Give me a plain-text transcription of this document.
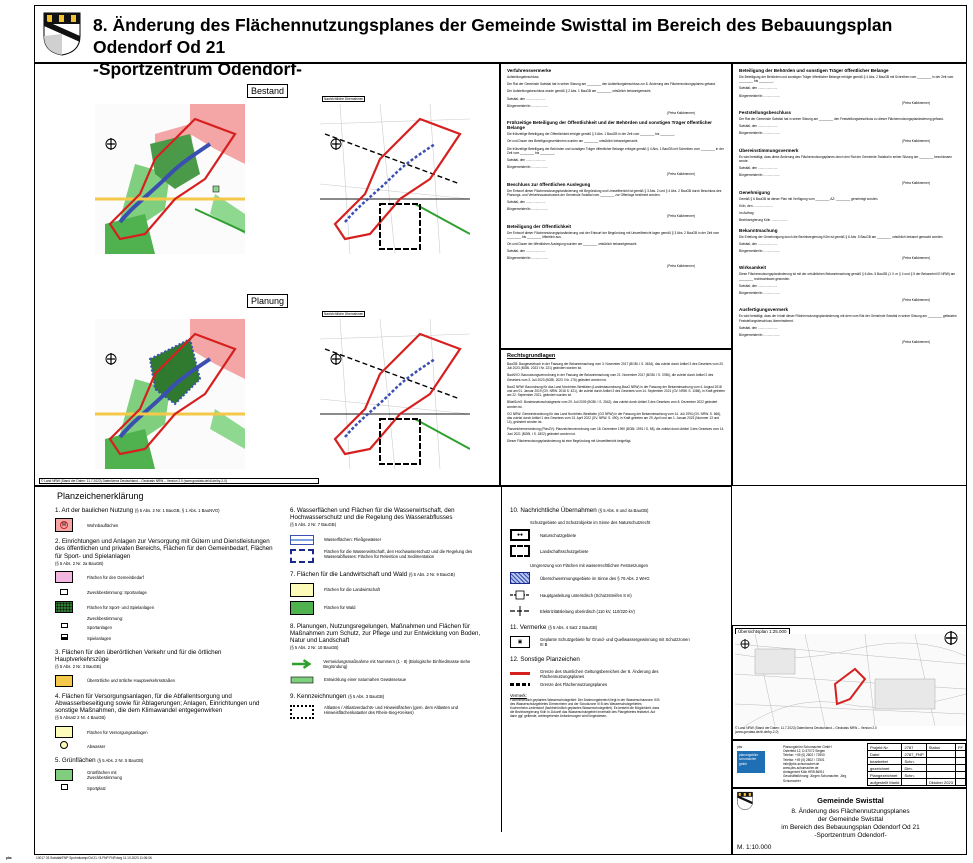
8. Änderung des Flächennutzungsplanes der Gemeinde Swisttal im Bereich des Bebauungsplan Odendorf Od 21
-Sportzentrum Odendorf-
Bestand
Planung
Nachrichtliche Übernahmen
Nachrichtliche Übernahmen
© Land NRW (Stand der Daten: 11.7.2023) Datenlizenz Deutschland – Geobasis NRW – Version 2.0 (www.govdata.de/dl-de/by-2-0)
Verfahrensvermerke
Aufstellungsbeschluss
Der Rat der Gemeinde Swisttal hat in seiner Sitzung am ________ den Aufstellungsbeschluss zur 8. Änderung des Flächennutzungsplanes gefasst.
Der Aufstellungsbeschluss wurde gemäß § 2 Abs. 1 BauGB am ________ ortsüblich bekanntgemacht.
Swisttal, den ......................
Bürgermeister/in ...................
(Petra Kalkbrenner)
Frühzeitige Beteiligung der Öffentlichkeit und der Behörden und sonstigen Träger öffentlicher Belange
Die frühzeitige Beteiligung der Öffentlichkeit erfolgte gemäß § 3 Abs. 1 BauGB in der Zeit vom ________ bis ________.
Ort und Dauer des Beteiligungsverfahrens wurden am ________ ortsüblich bekanntgemacht.
Die frühzeitige Beteiligung der Behörden und sonstigen Träger öffentlicher Belange erfolgte gemäß § 4 Abs. 1 BauGB mit Schreiben vom ________ in der Zeit vom ________ bis ________.
Swisttal, den ......................
Bürgermeister/in ...................
(Petra Kalkbrenner)
Beschluss zur öffentlichen Auslegung
Der Entwurf dieser Flächennutzungsplanänderung mit Begründung und Umweltbericht ist gemäß § 3 Abs. 2 und § 4 Abs. 2 BauGB durch Beschluss des Planungs- und Verkehrsausschusses der Gemeinde Swisttal vom ________ zur Offenlage bestimmt worden.
Swisttal, den ......................
Bürgermeister/in ...................
(Petra Kalkbrenner)
Beteiligung der Öffentlichkeit
Der Entwurf dieser Flächennutzungsplanänderung und der Entwurf der Begründung mit Umweltbericht lagen gemäß § 3 Abs. 2 BauGB in der Zeit vom ________ bis ________ öffentlich aus.
Ort und Dauer der öffentlichen Auslegung wurden am ________ ortsüblich bekanntgemacht.
Swisttal, den ......................
Bürgermeister/in ...................
(Petra Kalkbrenner)
Rechtsgrundlagen
BauGB: Baugesetzbuch in der Fassung der Bekanntmachung vom 3. November 2017 (BGBl. I S. 3634), das zuletzt durch Artikel 3 des Gesetzes vom 20. Juli 2023 (BGBl. 2023 I Nr. 221) geändert worden ist.
BauNVO: Baunutzungsverordnung in der Fassung der Bekanntmachung vom 21. November 2017 (BGBl. I S. 3786), die zuletzt durch Artikel 2 des Gesetzes vom 3. Juli 2023 (BGBl. 2023 I Nr. 176) geändert worden ist.
BauO NRW: Bauordnung für das Land Nordrhein-Westfalen (Landesbauordnung-BauO NRW) in der Fassung der Bekanntmachung vom 4. August 2018 und am 01. Januar 2019 (GV. NRW. 2018 S. 421), die zuletzt durch Artikel 3 des Gesetzes vom 14. September 2021 (GV. NRW. S. 1086), in Kraft getreten am 22. September 2021, geändert worden ist.
BNatSchG: Bundesnaturschutzgesetz vom 29. Juli 2009 (BGBl. I S. 2542), das zuletzt durch Artikel 3 des Gesetzes vom 8. Dezember 2022 geändert worden ist.
GO NRW: Gemeindeordnung für das Land Nordrhein-Westfalen (GO NRW) in der Fassung der Bekanntmachung vom 14. Juli 1994 (GV. NRW. S. 666), das zuletzt durch Artikel 1 des Gesetzes vom 13. April 2022 (GV. NRW. S. 490), in Kraft getreten am 29. April und am 1. Januar 2023 (Nummer 13 und 14), geändert worden ist.
Planzeichenverordnung (PlanZV): Planzeichenverordnung vom 18. Dezember 1990 (BGBl. 1991 I S. 58), die zuletzt durch Artikel 3 des Gesetzes vom 14. Juni 2021 (BGBl. I S. 1802) geändert worden ist.
Dieser Flächennutzungsplanänderung ist eine Begründung mit Umweltbericht beigefügt.
Beteiligung der Behörden und sonstigen Träger öffentlicher Belange
Die Beteiligung der Behörden und sonstigen Träger öffentlicher Belange erfolgte gemäß § 4 Abs. 2 BauGB mit Schreiben vom ________ in der Zeit vom ________ bis ________.
Swisttal, den ......................
Bürgermeister/in ...................
(Petra Kalkbrenner)
Feststellungsbeschluss
Der Rat der Gemeinde Swisttal hat in seiner Sitzung am ________ den Feststellungsbeschluss zu dieser Flächennutzungsplanänderung gefasst.
Swisttal, den ......................
Bürgermeister/in ...................
(Petra Kalkbrenner)
Übereinstimmungsvermerk
Es wird bestätigt, dass diese Änderung des Flächennutzungsplanes durch den Rat der Gemeinde Swisttal in seiner Sitzung am ________ beschlossen wurde.
Swisttal, den ......................
Bürgermeister/in ...................
(Petra Kalkbrenner)
Genehmigung
Gemäß § 6 BauGB ist dieser Plan mit Verfügung vom ________ AZ: ________ genehmigt worden.
Köln, den ......................
Im Auftrag
Bezirksregierung Köln ...................
Bekanntmachung
Die Erteilung der Genehmigung durch die Bezirksregierung Köln ist gemäß § 6 Abs. 5 BauGB am ________ ortsüblich bekannt gemacht worden.
Swisttal, den ......................
Bürgermeister/in ...................
(Petra Kalkbrenner)
Wirksamkeit
Diese Flächennutzungsplanänderung ist mit der ortsüblichen Bekanntmachung gemäß § 6 Abs. 5 BauGB (1 V. m § 4 und § 5 der BekanntmVO NRW) am ________ rechtswirksam geworden.
Swisttal, den ......................
Bürgermeister/in ...................
(Petra Kalkbrenner)
Ausfertigungsvermerk
Es wird bestätigt, dass der Inhalt dieser Flächennutzungsplanänderung mit dem vom Rat der Gemeinde Swisttal in seiner Sitzung am ________ gefassten Feststellungsbeschluss übereinstimmt.
Swisttal, den ......................
Bürgermeister/in ...................
(Petra Kalkbrenner)
Planzeichenerklärung
1. Art der baulichen Nutzung (§ 5 Abs. 2 Nr. 1 BauGB, § 1 Abs. 1 BauNVO)
W	Wohnbauflächen
2. Einrichtungen und Anlagen zur Versorgung mit Gütern und Dienstleistungen des öffentlichen und privaten Bereichs, Flächen für den Gemeinbedarf, Flächen für Sport- und Spielanlagen
(§ 5 Abs. 2 Nr. 2a BauGB)
Flächen für den Gemeinbedarf
Zweckbestimmung: Sportanlage
Flächen für Sport- und Spielanlagen
Zweckbestimmung:
Sportanlagen
Spielanlagen
3. Flächen für den überörtlichen Verkehr und für die örtlichen Hauptverkehrszüge
(§ 5 Abs. 2 Nr. 3 BauGB)
Überörtliche und örtliche Hauptverkehrsstraßen
4. Flächen für Versorgungsanlagen, für die Abfallentsorgung und Abwasserbeseitigung sowie für Ablagerungen; Anlagen, Einrichtungen und sonstige Maßnahmen, die dem Klimawandel entgegenwirken
(§ 5 Absatz 2 Nr. 4 BauGB)
Flächen für Versorgungsanlagen
Abwasser
5. Grünflächen (§ 5 Abs. 2 Nr. 5 BauGB)
Grünflächen mit Zweckbestimmung
Sportplatz
6. Wasserflächen und Flächen für die Wasserwirtschaft, den Hochwasserschutz und die Regelung des Wasserabflusses
(§ 5 Abs. 2 Nr. 7 BauGB)
Wasserflächen: Fließgewässer
Flächen für die Wasserwirtschaft, den Hochwasserschutz und die Regelung des Wasserabflusses: Flächen für Retention und Sedimentation
7. Flächen für die Landwirtschaft und Wald (§ 5 Abs. 2 Nr. 9 BauGB)
Flächen für die Landwirtschaft
Flächen für Wald
8. Planungen, Nutzungsregelungen, Maßnahmen und Flächen für Maßnahmen zum Schutz, zur Pflege und zur Entwicklung von Boden, Natur und Landschaft
(§ 5 Abs. 2 Nr. 10 BauGB)
Vermeidungsmaßnahme mit Nummern (1 - 8) (Biologische Einfriedmasse siehe Begründung)
Entwicklung einer naturnahen Gewässeraue
9. Kennzeichnungen (§ 5 Abs. 3 BauGB)
Altlasten / Altlastverdachts- und Hinweisflächen (gem. dem Altlasten und Hinweisflächenkataster des Rhein-Sieg-Kreises)
10. Nachrichtliche Übernahmen (§ 5 Abs. 6 und 4a BauGB)
Schutzgebiete und Schutzobjekte im Sinne des Naturschutzrecht
●●	Naturschutzgebiete
Landschaftsschutzgebiete
Umgrenzung von Flächen mit wasserrechtlichen Festsetzungen
Überschwemmungsgebiete im Sinne des § 76 Abs. 2 WHG
Hauptgasleitung unterirdisch (Schutzstreifen 8 m)
Elektrizitätsleitung oberirdisch (110 kV, 110/220 kV)
11. Vermerke (§ 5 Abs. 4 Satz 2 BauGB)
▣	Geplante Schutzgebiete für Grund- und Quellwassergewinnung mit Schutzzonen III B
12. Sonstige Planzeichen
Grenze des räumlichen Geltungsbereiches der 8. Änderung des Flächennutzungsplanes
Grenze des Flächennutzungsplanes
Vermerk:
Fachbehördlich geplantes Wasserschutzgebiet: Der Änderungsbereich liegt in der Wasserschutzzone III B des Wasserschutzgebietes Dirmerzheim und der Schutzzone III B des Wasserschutzgebietes Kuchenheim-Ledersdorf (fachbehördlich geplantes Wasserschutzgebiet). Es besteht die Möglichkeit, dass die Bezirksregierung Köln in Zukunft das Wasserschutzgebiet innerhalb des Plangebietes festsetzt. Auf dann ggf. geltende, weitergehende Anforderungen wird hingewiesen.
Übersichtsplan 1:25.000
© Land NRW (Stand der Daten: 11.7.2023) Datenlizenz Deutschland – Geobasis NRW – Version 2.0 (www.govdata.de/dl-de/by-2-0)
pbs
planungsbüro
schumacher
gmbh
Planungsbüro Schumacher GmbH
Osterfeld 12, D-57072 Siegen
Telefon: +49 (0) 2802 / 72500
Telefax: +49 (0) 2802 / 72501
info@pbs-schumacher.de
www.pbs-schumacher.de
Amtsgericht Köln HRB 86911
Geschäftsführung: Jürgen Schumacher, Jörg Schumacher
Projekt Nr.	2787	Status	FF
Datei	2787_FNP		
bearbeitet	Schn.		
gezeichnet	Dim.		
Plangezeichnet	Schn.		
aufgestellt Markt		Oktober 2023	
Gemeinde Swisttal
8. Änderung des Flächennutzungsplanes
der Gemeinde Swisttal
im Bereich des Bebauungsplan Odendorf Od 21
-Sportzentrum Odendorf-
M. 1:10.000
pbs	10017 03 Swisttal/FNP Spohrnkamp/Od 21 / 8.FNP FNP.dwg 11.10.2023 11:06:06
